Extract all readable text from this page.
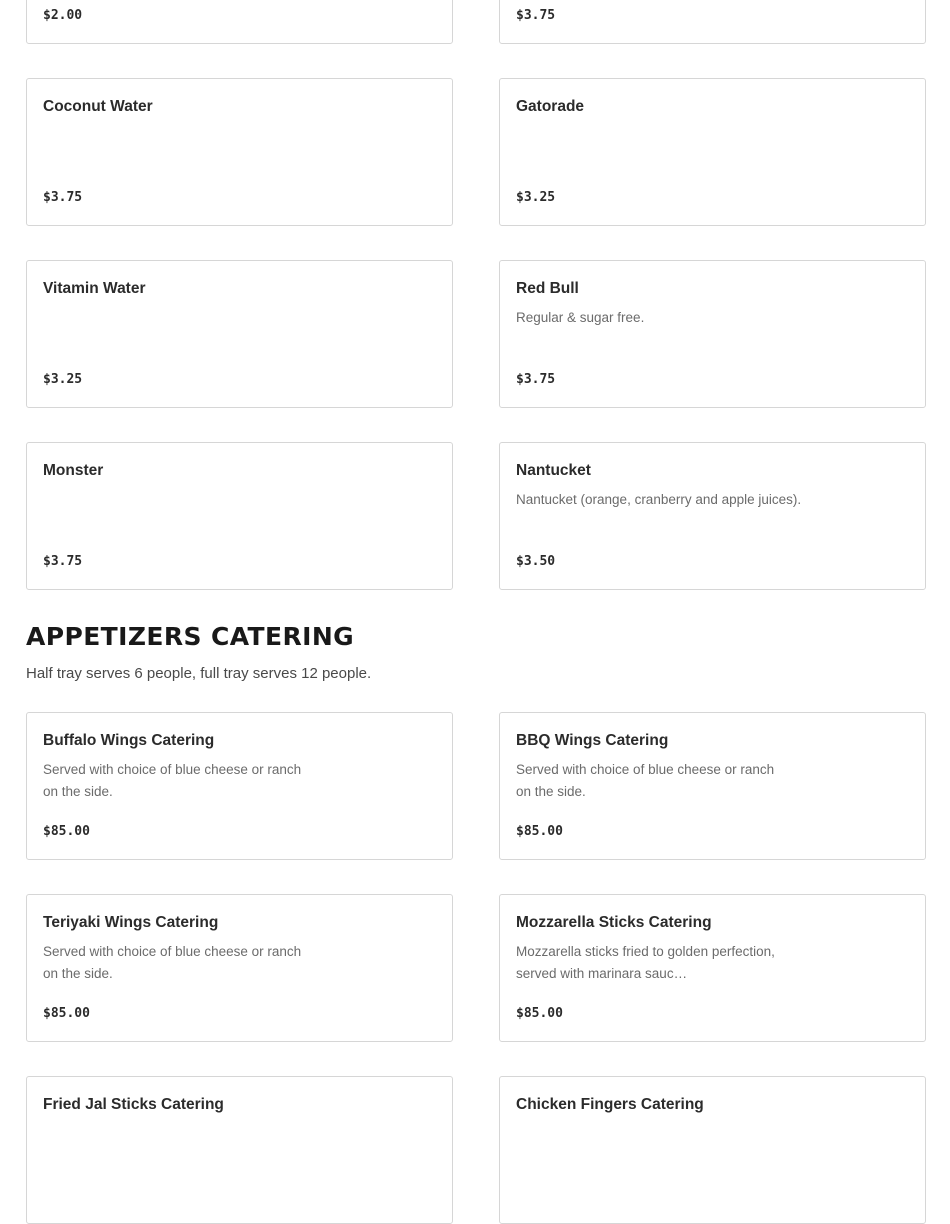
$2.00	$3.75
Coconut Water
$3.75
Gatorade
$3.25
Vitamin Water
$3.25
Red Bull
Regular & sugar free.
$3.75
Monster
$3.75
Nantucket
Nantucket (orange, cranberry and apple juices).
$3.50
APPETIZERS CATERING

Half tray serves 6 people, full tray serves 12 people.

Buffalo Wings Catering
Served with choice of blue cheese or ranch on the side.
$85.00
BBQ Wings Catering
Served with choice of blue cheese or ranch on the side.
$85.00
Teriyaki Wings Catering
Served with choice of blue cheese or ranch on the side.
$85.00
Mozzarella Sticks Catering
Mozzarella sticks fried to golden perfection, served with marinara sauc…
$85.00
Fried Jal Sticks Catering	Chicken Fingers Catering
